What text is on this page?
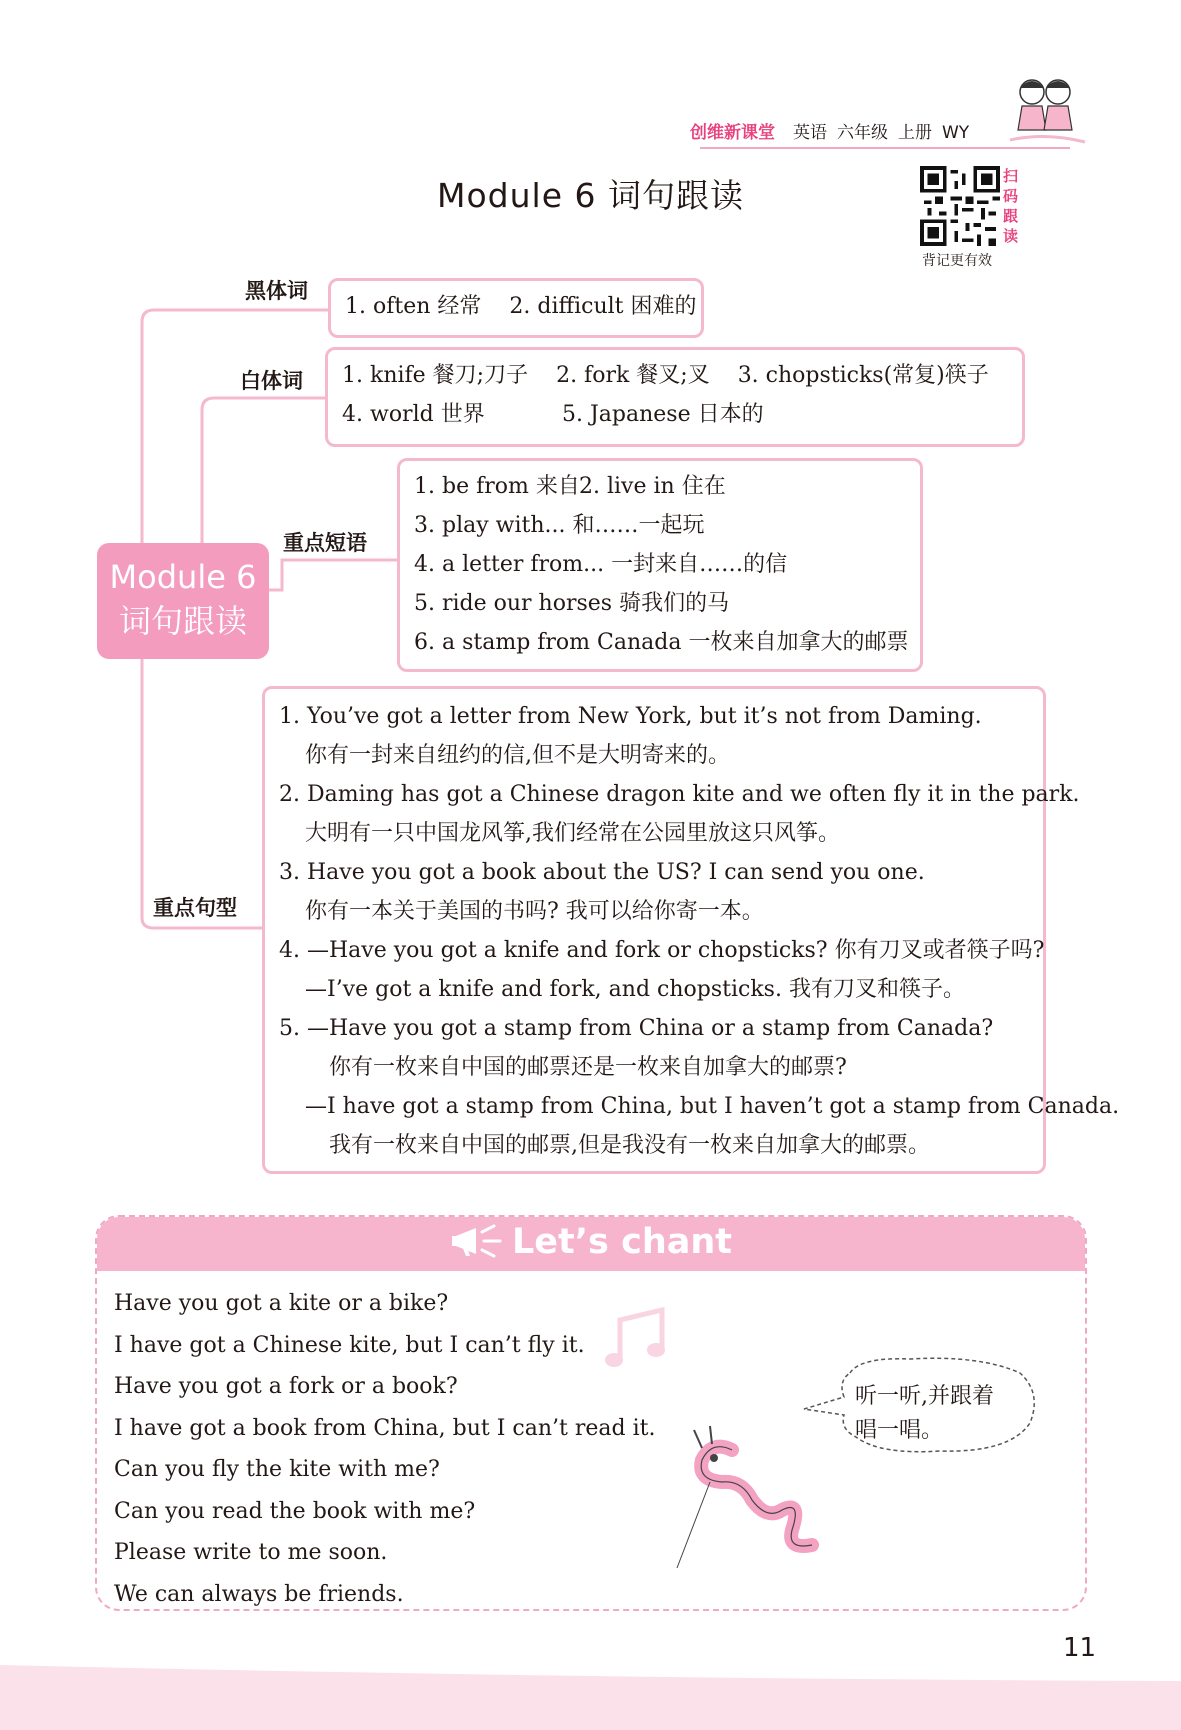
创维新课堂 英语 六年级 上册 WY
Module 6 词句跟读	扫码跟读
背记更有效
Module 6
词句跟读
黑体词
1. often 经常 2. difficult 困难的
白体词 1. knife 餐刀;刀子 2. fork 餐叉;叉 3. chopsticks(常复)筷子
4. world 世界	5. Japanese 日本的
重点短语
1. be from 来自2. live in 住在
3. play with... 和……一起玩
4. a letter from... 一封来自……的信
5. ride our horses 骑我们的马
6. a stamp from Canada 一枚来自加拿大的邮票
重点句型
1. You’ve got a letter from New York, but it’s not from Daming.
你有一封来自纽约的信,但不是大明寄来的。
2. Daming has got a Chinese dragon kite and we often fly it in the park.
大明有一只中国龙风筝,我们经常在公园里放这只风筝。
3. Have you got a book about the US? I can send you one.
你有一本关于美国的书吗? 我可以给你寄一本。
4. —Have you got a knife and fork or chopsticks? 你有刀叉或者筷子吗?
—I’ve got a knife and fork, and chopsticks. 我有刀叉和筷子。
5. —Have you got a stamp from China or a stamp from Canada?
你有一枚来自中国的邮票还是一枚来自加拿大的邮票?
—I have got a stamp from China, but I haven’t got a stamp from Canada.
我有一枚来自中国的邮票,但是我没有一枚来自加拿大的邮票。
Let’s chant
Have you got a kite or a bike?
I have got a Chinese kite, but I can’t fly it.
Have you got a fork or a book?
I have got a book from China, but I can’t read it.
Can you fly the kite with me?
Can you read the book with me?
Please write to me soon.
We can always be friends.
听一听,并跟着
唱一唱。
11
